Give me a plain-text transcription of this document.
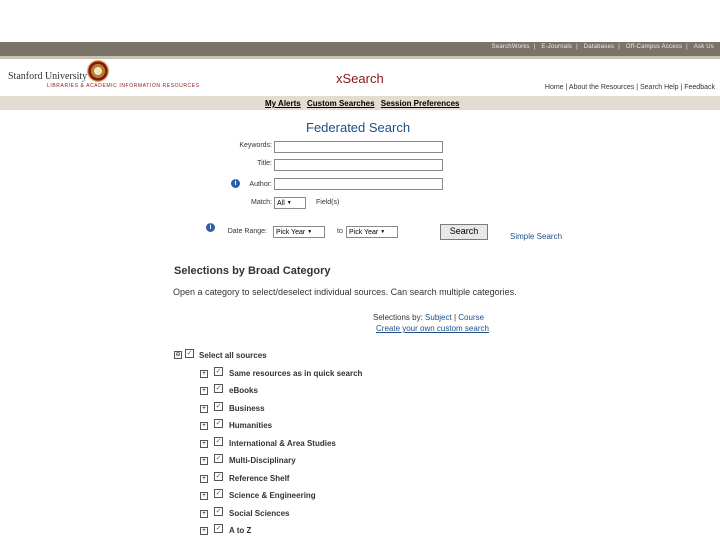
SearchWorks | E-Journals | Databases | Off-Campus Access | Ask Us
Stanford University
LIBRARIES & ACADEMIC INFORMATION RESOURCES	xSearch
Home | About the Resources | Search Help | Feedback
My Alerts Custom Searches Session Preferences
Federated Search
Keywords:
Title:
i	Author:
Match: All ▼	Field(s)
i
Date Range:	Pick Year ▼	to Pick Year ▼	Search
Simple Search
Selections by Broad Category
Open a category to select/deselect individual sources. Can search multiple categories.
Selections by: Subject | Course
Create your own custom search
⊖ ✓ Select all sources
+	✓ Same resources as in quick search
+	✓ eBooks
+	✓ Business
+	✓ Humanities
+	✓ International & Area Studies
+	✓ Multi-Disciplinary
+	✓ Reference Shelf
+	✓ Science & Engineering
+	✓ Social Sciences
+	✓ A to Z
